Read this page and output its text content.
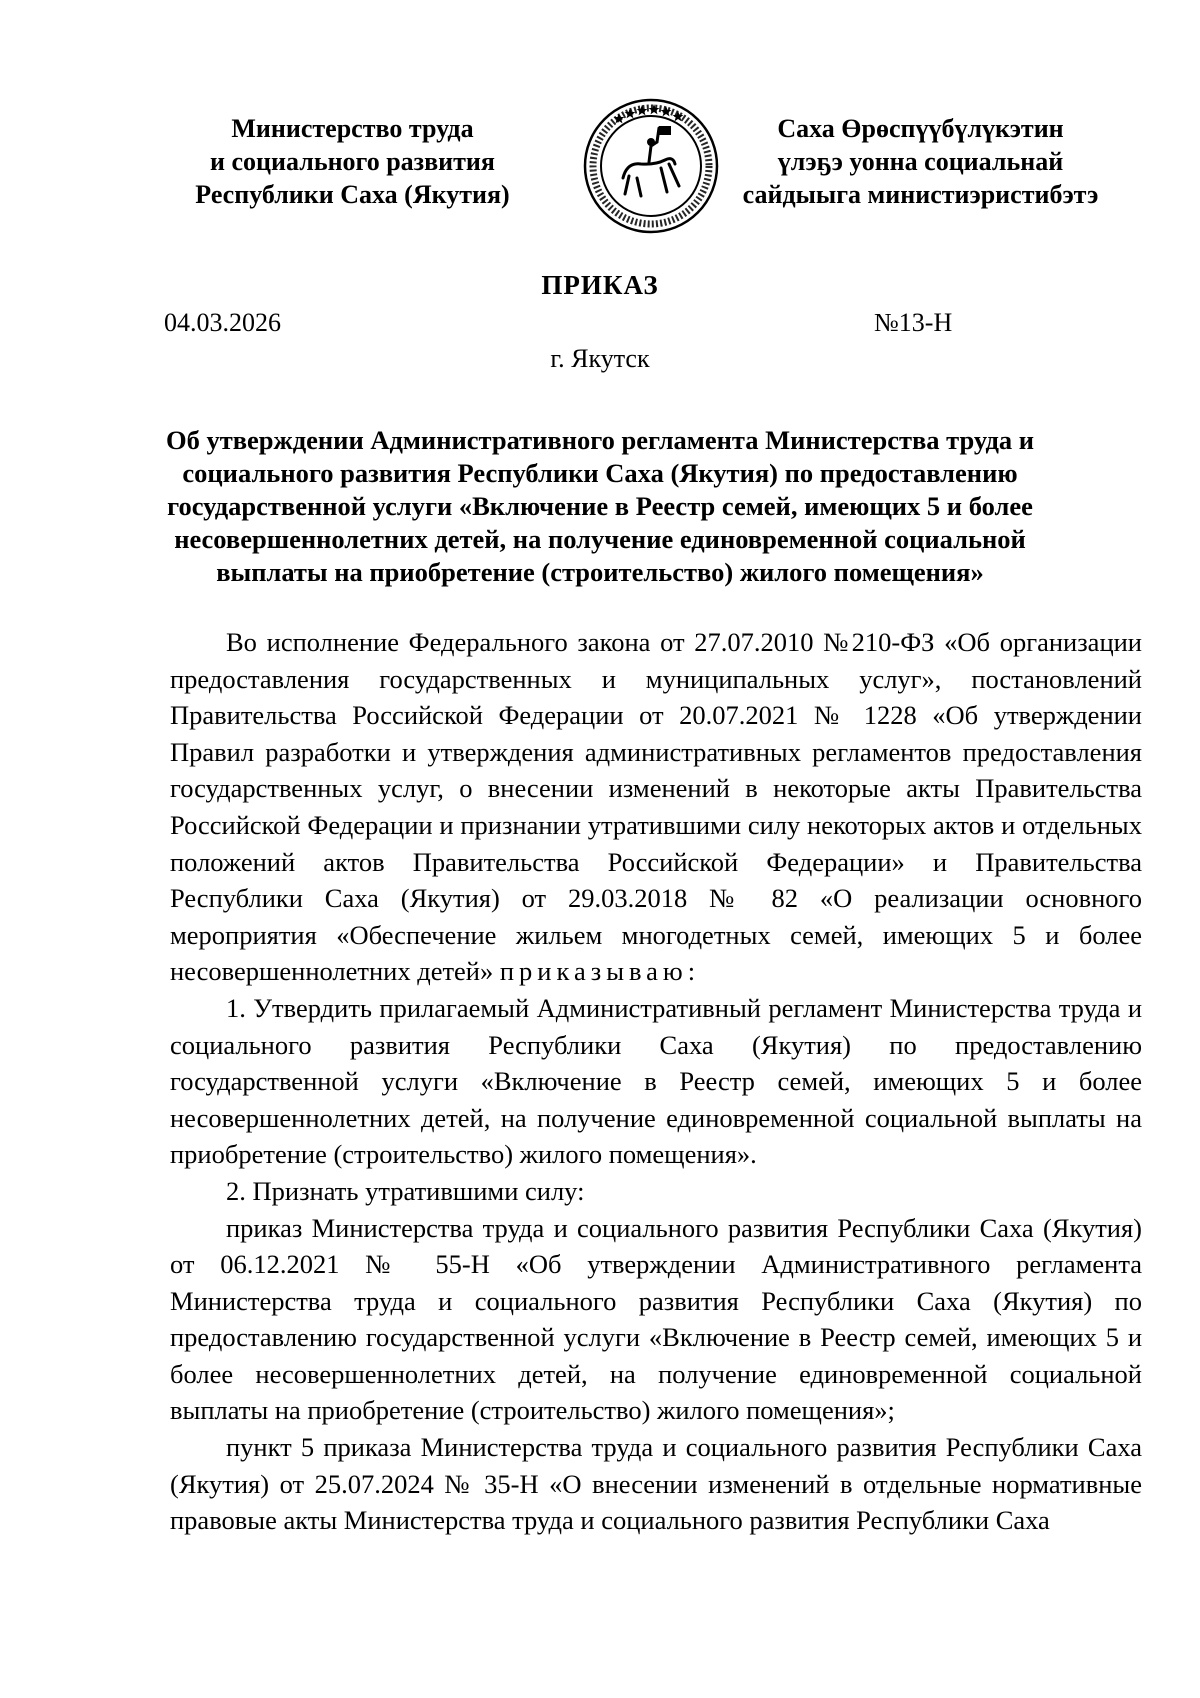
Министерство труда
и социального развития
Республики Саха (Якутия)
Саха Өрөспүүбүлүкэтин
үлэҕэ уонна социальнай
сайдыыга министиэристибэтэ
ПРИКАЗ
04.03.2026	№13-Н
г. Якутск
Об утверждении Административного регламента Министерства труда и
социального развития Республики Саха (Якутия) по предоставлению
государственной услуги «Включение в Реестр семей, имеющих 5 и более
несовершеннолетних детей, на получение единовременной социальной
выплаты на приобретение (строительство) жилого помещения»

Во исполнение Федерального закона от 27.07.2010 №210-ФЗ «Об организации предоставления государственных и муниципальных услуг», постановлений Правительства Российской Федерации от 20.07.2021 № 1228 «Об утверждении Правил разработки и утверждения административных регламентов предоставления государственных услуг, о внесении изменений в некоторые акты Правительства Российской Федерации и признании утратившими силу некоторых актов и отдельных положений актов Правительства Российской Федерации» и Правительства Республики Саха (Якутия) от 29.03.2018 № 82 «О реализации основного мероприятия «Обеспечение жильем многодетных семей, имеющих 5 и более несовершеннолетних детей» приказываю:

1. Утвердить прилагаемый Административный регламент Министерства труда и социального развития Республики Саха (Якутия) по предоставлению государственной услуги «Включение в Реестр семей, имеющих 5 и более несовершеннолетних детей, на получение единовременной социальной выплаты на приобретение (строительство) жилого помещения».

2. Признать утратившими силу:

приказ Министерства труда и социального развития Республики Саха (Якутия) от 06.12.2021 № 55-Н «Об утверждении Административного регламента Министерства труда и социального развития Республики Саха (Якутия) по предоставлению государственной услуги «Включение в Реестр семей, имеющих 5 и более несовершеннолетних детей, на получение единовременной социальной выплаты на приобретение (строительство) жилого помещения»;

пункт 5 приказа Министерства труда и социального развития Республики Саха (Якутия) от 25.07.2024 № 35-Н «О внесении изменений в отдельные нормативные правовые акты Министерства труда и социального развития Республики Саха
